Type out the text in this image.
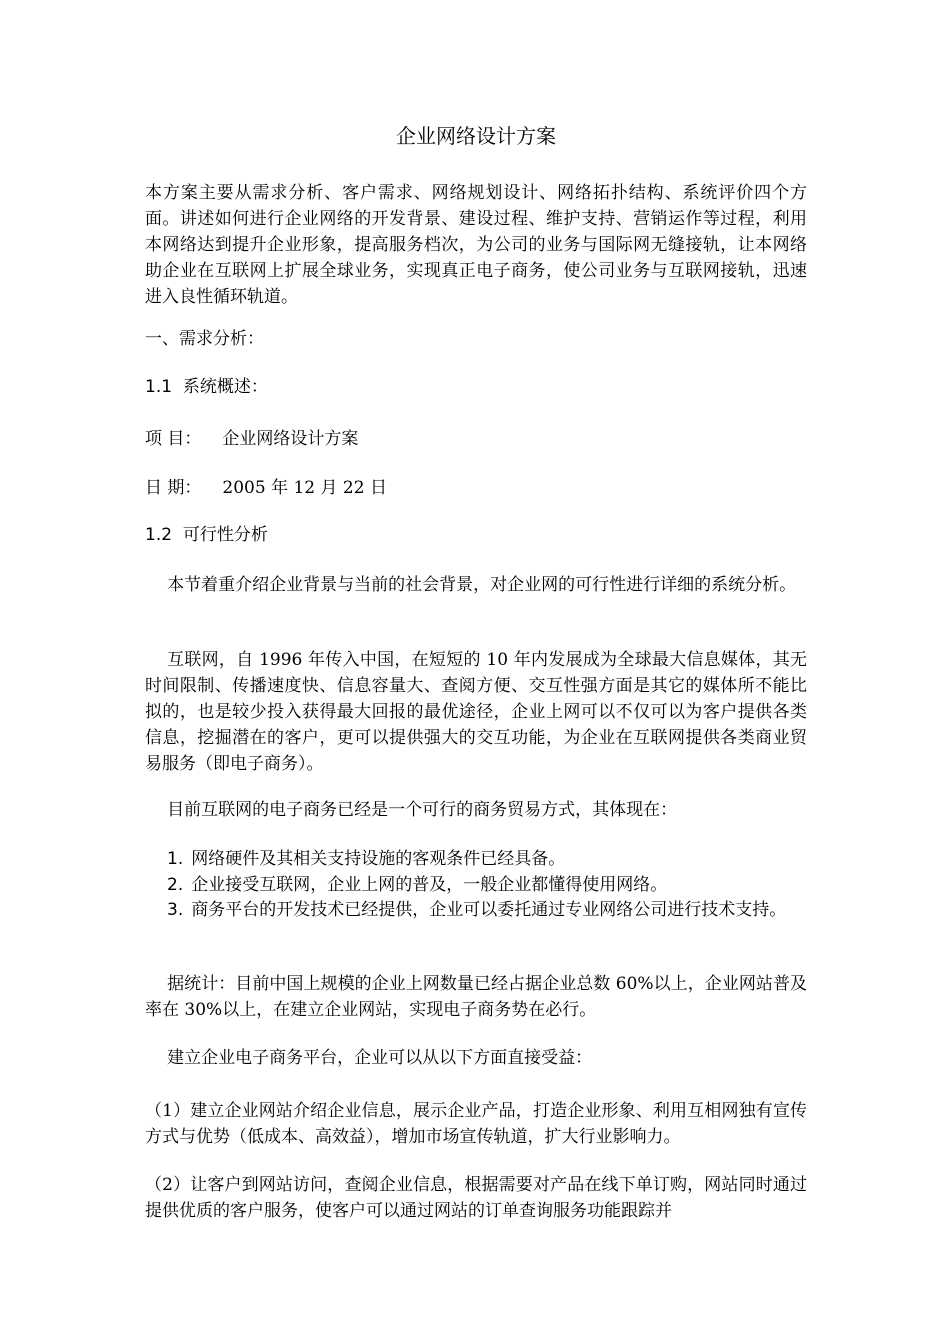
企业网络设计方案
本方案主要从需求分析、客户需求、网络规划设计、网络拓扑结构、系统评价四个方面。讲述如何进行企业网络的开发背景、建设过程、维护支持、营销运作等过程，利用本网络达到提升企业形象，提高服务档次，为公司的业务与国际网无缝接轨，让本网络助企业在互联网上扩展全球业务，实现真正电子商务，使公司业务与互联网接轨，迅速进入良性循环轨道。
一、需求分析：
1.1 系统概述：
项 目： 企业网络设计方案
日 期： 2005 年 12 月 22 日
1.2 可行性分析
本节着重介绍企业背景与当前的社会背景，对企业网的可行性进行详细的系统分析。
互联网，自 1996 年传入中国，在短短的 10 年内发展成为全球最大信息媒体，其无时间限制、传播速度快、信息容量大、查阅方便、交互性强方面是其它的媒体所不能比拟的，也是较少投入获得最大回报的最优途径，企业上网可以不仅可以为客户提供各类信息，挖掘潜在的客户，更可以提供强大的交互功能，为企业在互联网提供各类商业贸易服务（即电子商务）。
目前互联网的电子商务已经是一个可行的商务贸易方式，其体现在：
1. 网络硬件及其相关支持设施的客观条件已经具备。
2. 企业接受互联网，企业上网的普及，一般企业都懂得使用网络。
3. 商务平台的开发技术已经提供，企业可以委托通过专业网络公司进行技术支持。
据统计：目前中国上规模的企业上网数量已经占据企业总数 60%以上，企业网站普及率在 30%以上，在建立企业网站，实现电子商务势在必行。
建立企业电子商务平台，企业可以从以下方面直接受益：
（1）建立企业网站介绍企业信息，展示企业产品，打造企业形象、利用互相网独有宣传方式与优势（低成本、高效益），增加市场宣传轨道，扩大行业影响力。
（2）让客户到网站访问，查阅企业信息，根据需要对产品在线下单订购，网站同时通过提供优质的客户服务，使客户可以通过网站的订单查询服务功能跟踪并
